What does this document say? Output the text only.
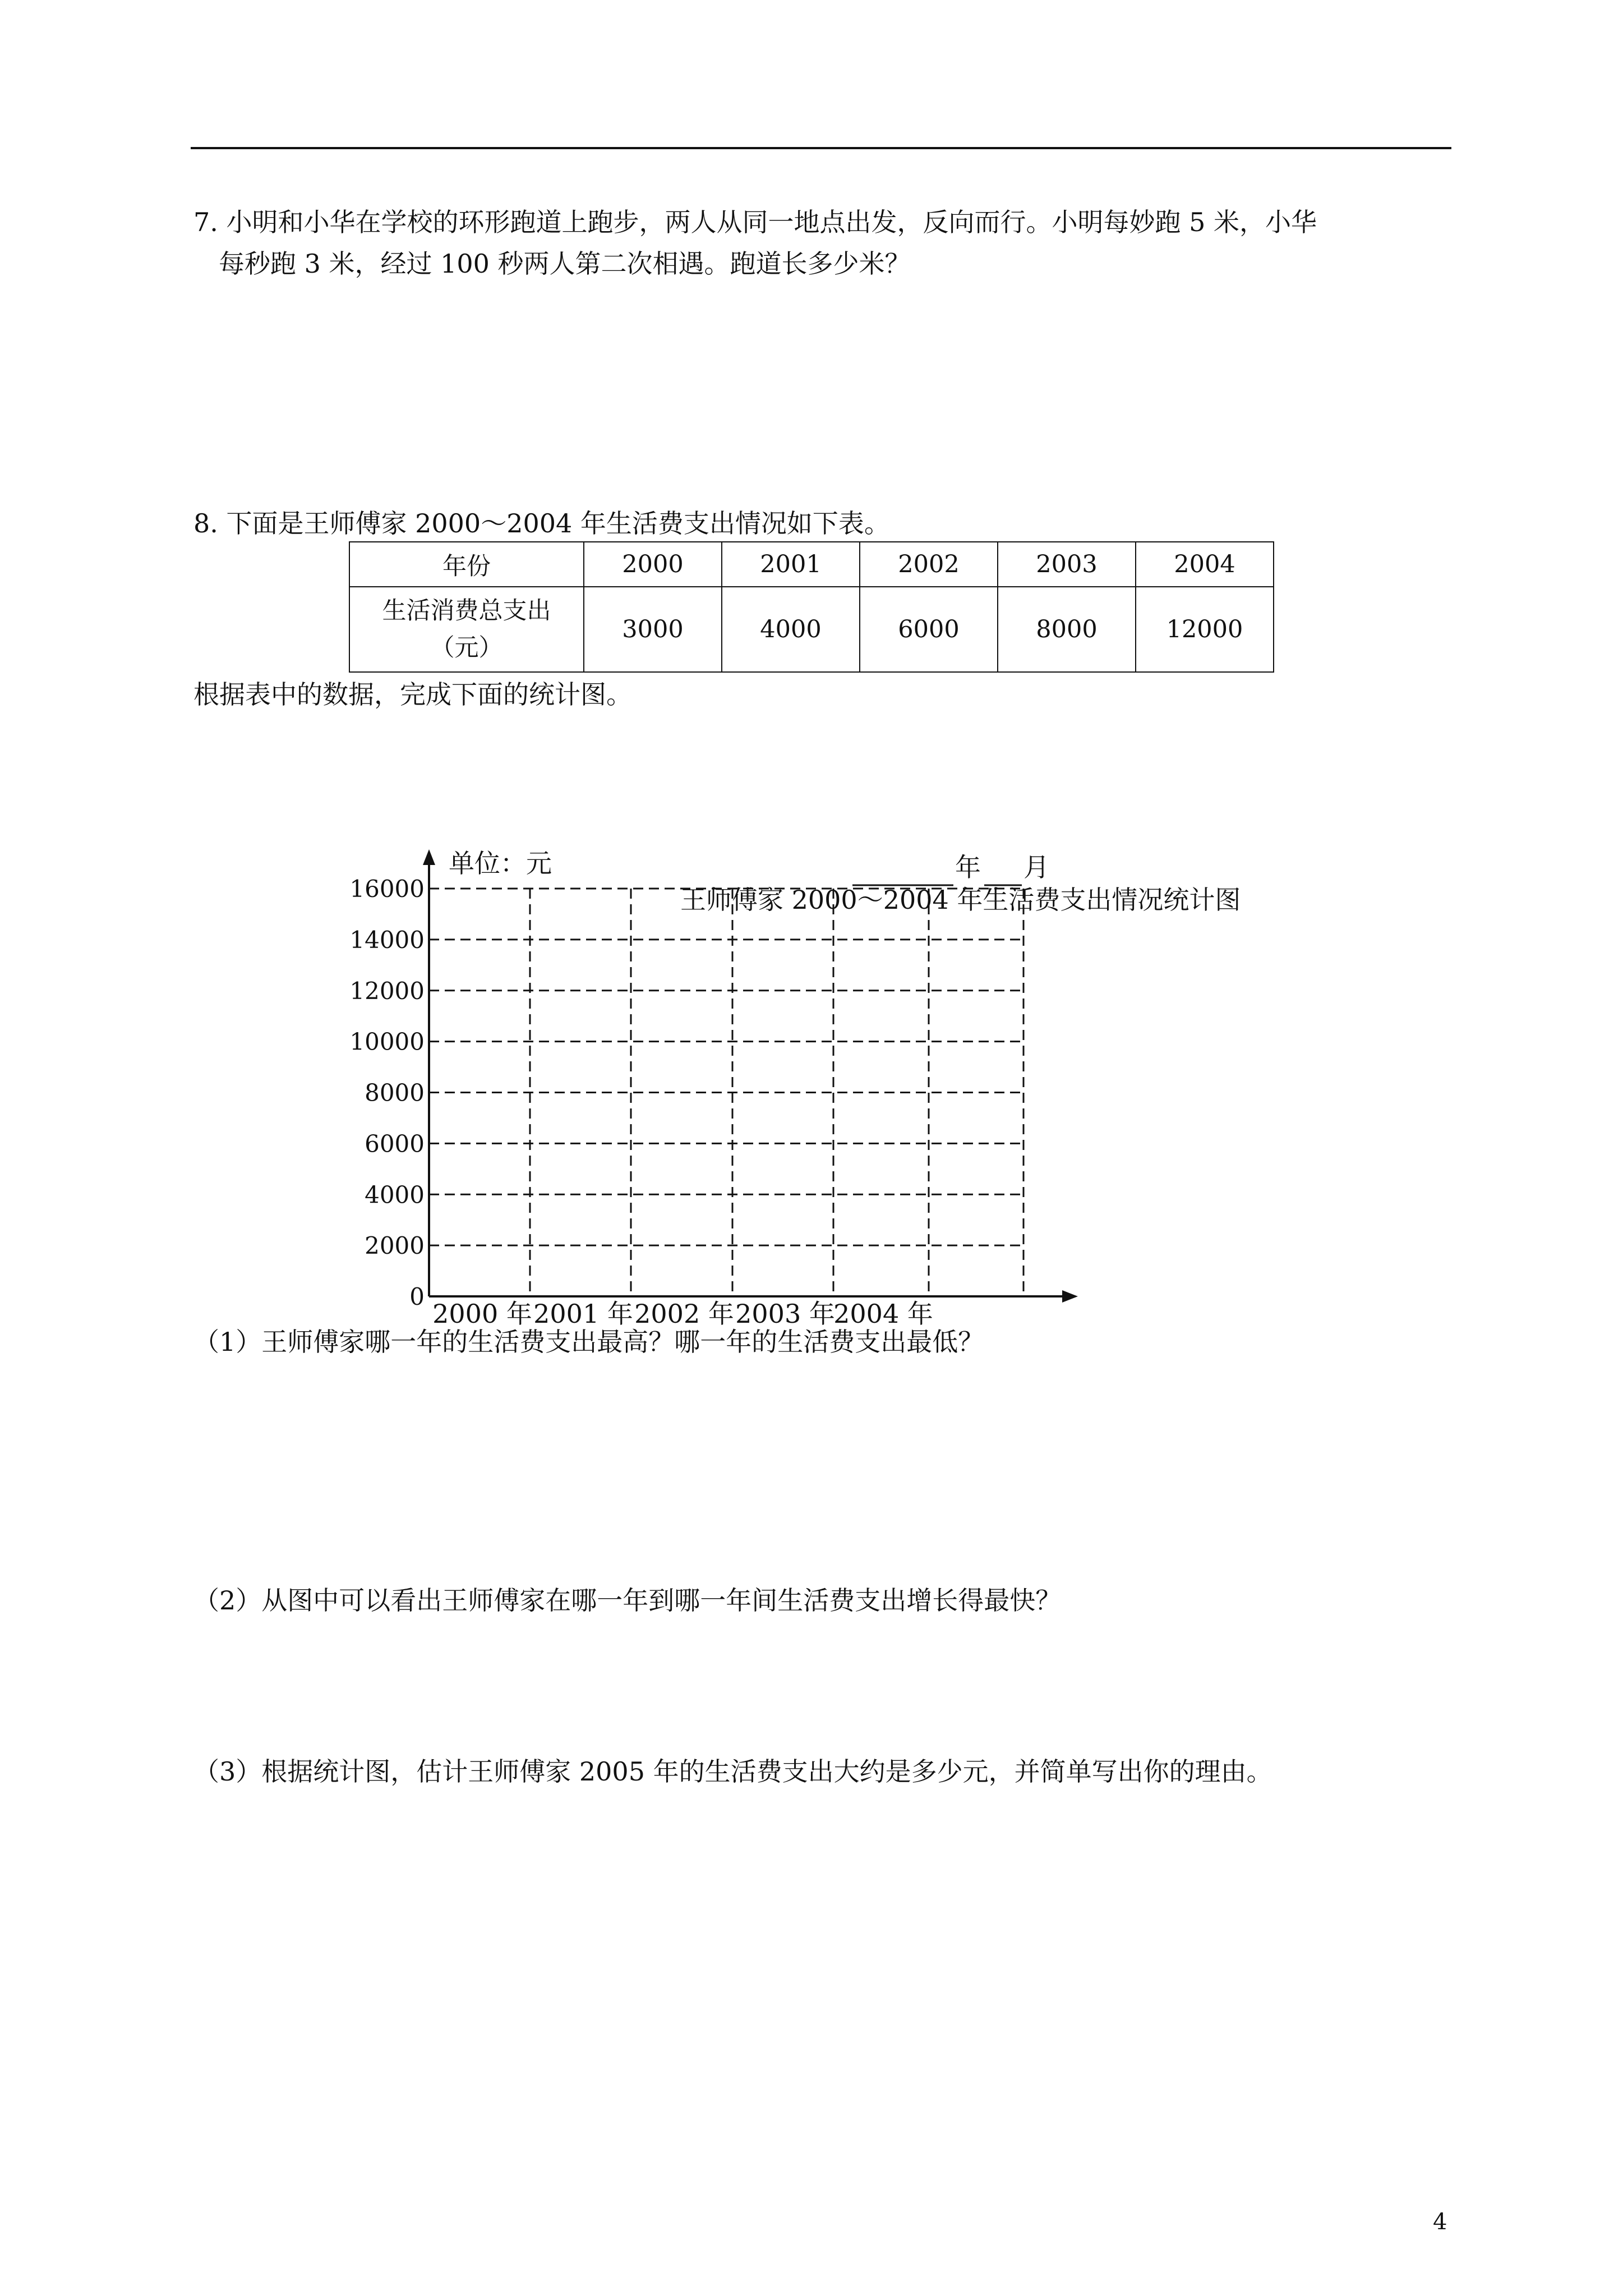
7. 小明和小华在学校的环形跑道上跑步，两人从同一地点出发，反向而行。小明每妙跑 5 米，小华
每秒跑 3 米，经过 100 秒两人第二次相遇。跑道长多少米？
8. 下面是王师傅家 2000～2004 年生活费支出情况如下表。
年份	2000	2001	2002	2003	2004

生活消费总支出
（元）	3000	4000	6000	8000	12000
根据表中的数据，完成下面的统计图。
王师傅家 2000～2004 年生活费支出情况统计图
0
2000
4000
6000
8000
10000
12000
14000
16000
单位：元	年 月
2000 年 2001 年 2002 年 2003 年
2004 年
（1）王师傅家哪一年的生活费支出最高？哪一年的生活费支出最低？
（2）从图中可以看出王师傅家在哪一年到哪一年间生活费支出增长得最快？
（3）根据统计图，估计王师傅家 2005 年的生活费支出大约是多少元，并简单写出你的理由。
4
